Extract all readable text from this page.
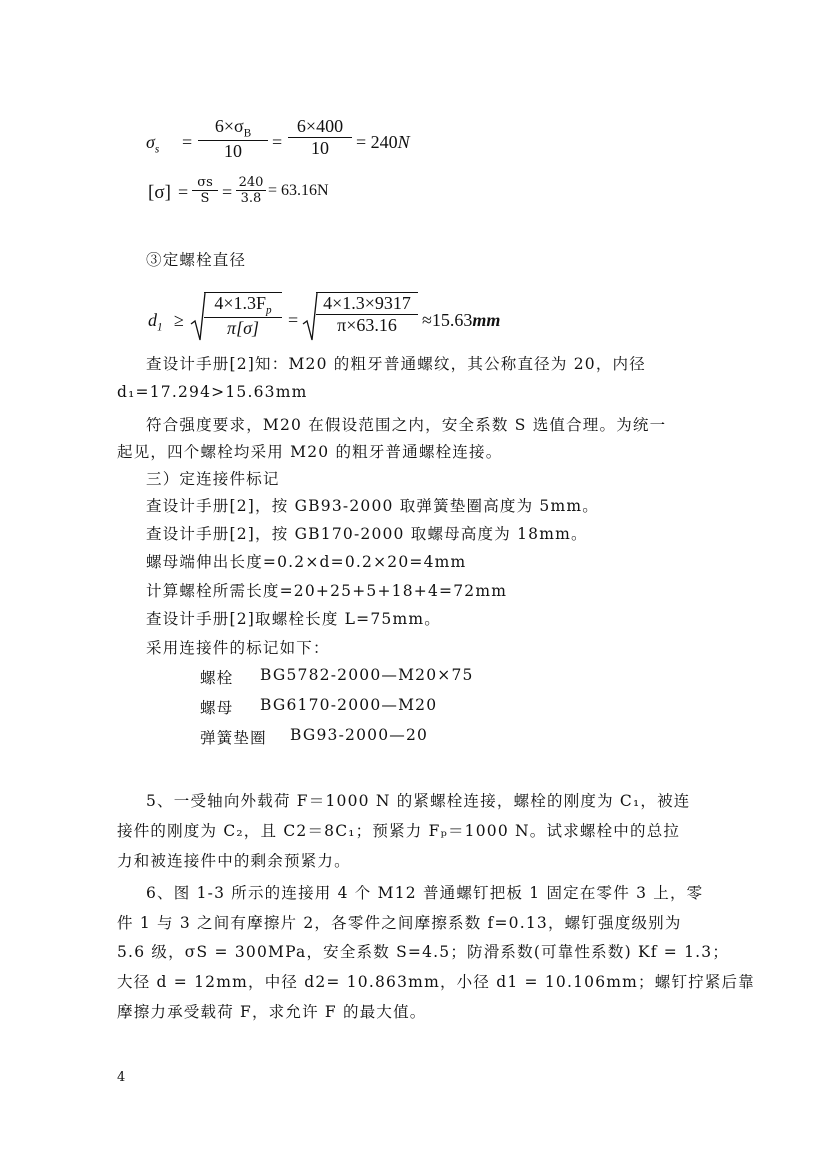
$\sigma_s$ =
$6\times\sigma_B$
10	=
6×400
10	= 240N
[σ] = σs
S = 240
3.8 = 63.16N
③定螺栓直径
$d_1$ ≥
$4\times 1.3F_p$
π[σ]	=
4×1.3×9317
π×63.16	≈15.63mm
查设计手册[2]知：M20 的粗牙普通螺纹，其公称直径为 20，内径
d₁=17.294>15.63mm
符合强度要求，M20 在假设范围之内，安全系数 S 选值合理。为统一
起见，四个螺栓均采用 M20 的粗牙普通螺栓连接。
三）定连接件标记
查设计手册[2]，按 GB93-2000 取弹簧垫圈高度为 5mm。
查设计手册[2]，按 GB170-2000 取螺母高度为 18mm。
螺母端伸出长度=0.2×d=0.2×20=4mm
计算螺栓所需长度=20+25+5+18+4=72mm
查设计手册[2]取螺栓长度 L=75mm。
采用连接件的标记如下：
螺栓 BG5782-2000—M20×75
螺母 BG6170-2000—M20
弹簧垫圈 BG93-2000—20
5、一受轴向外载荷 F＝1000 N 的紧螺栓连接，螺栓的刚度为 C₁，被连
接件的刚度为 C₂，且 C2＝8C₁；预紧力 Fₚ＝1000 N。试求螺栓中的总拉
力和被连接件中的剩余预紧力。
6、图 1-3 所示的连接用 4 个 M12 普通螺钉把板 1 固定在零件 3 上，零
件 1 与 3 之间有摩擦片 2，各零件之间摩擦系数 f=0.13，螺钉强度级别为
5.6 级，σS = 300MPa，安全系数 S=4.5；防滑系数(可靠性系数) Kf = 1.3；
大径 d = 12mm，中径 d2= 10.863mm，小径 d1 = 10.106mm；螺钉拧紧后靠
摩擦力承受载荷 F，求允许 F 的最大值。
4
